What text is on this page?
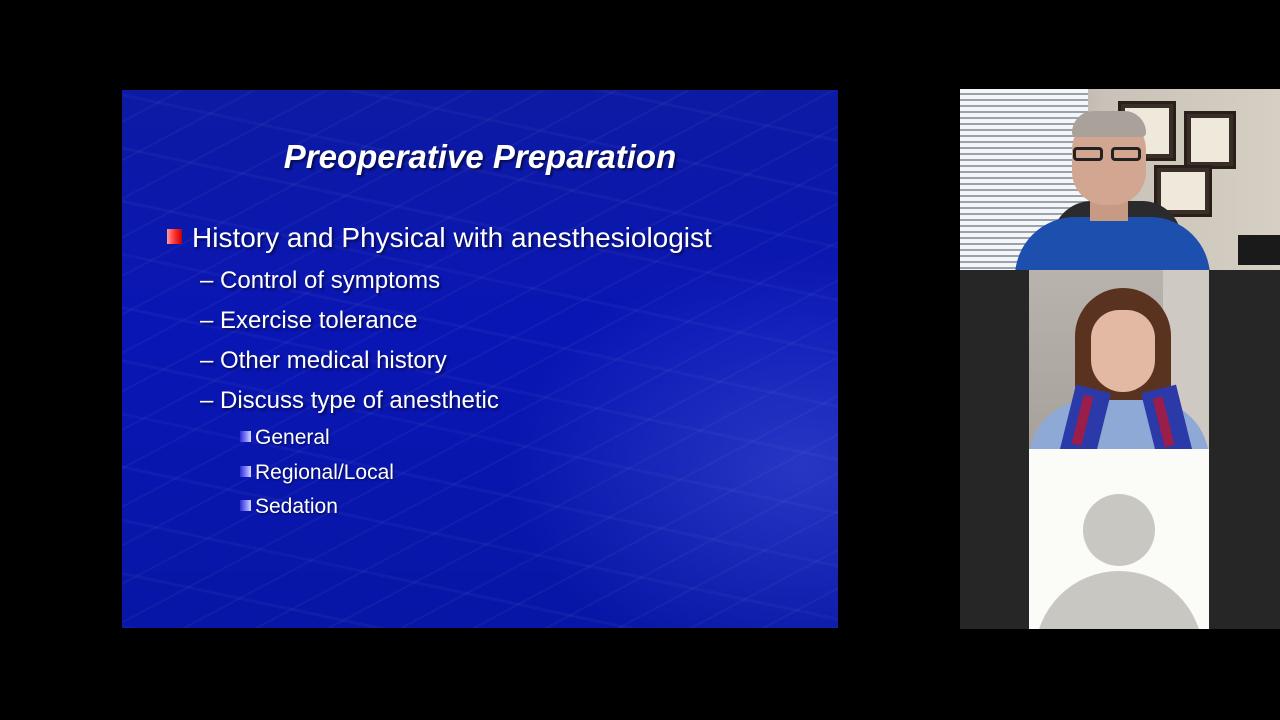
Preoperative Preparation
History and Physical with anesthesiologist
– Control of symptoms
– Exercise tolerance
– Other medical history
– Discuss type of anesthetic
General
Regional/Local
Sedation
